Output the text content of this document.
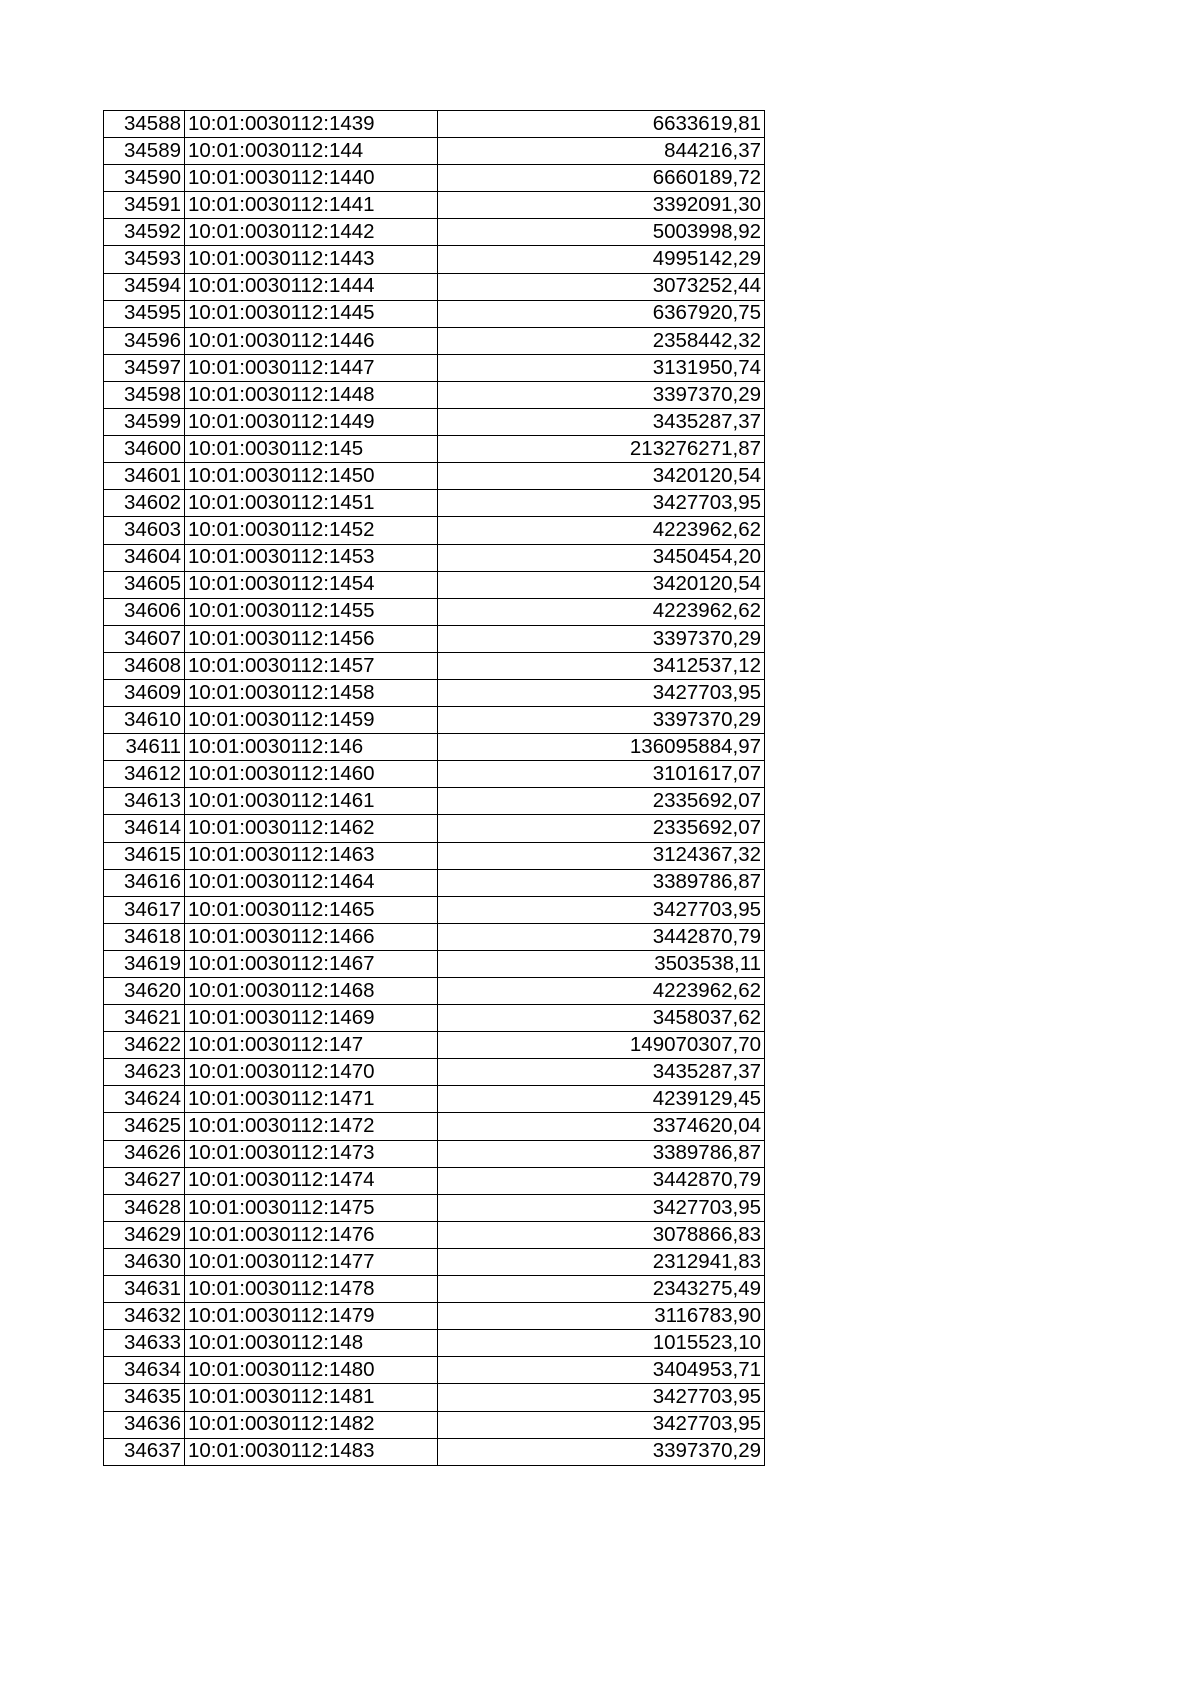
34588	10:01:0030112:1439	6633619,81
34589	10:01:0030112:144	844216,37
34590	10:01:0030112:1440	6660189,72
34591	10:01:0030112:1441	3392091,30
34592	10:01:0030112:1442	5003998,92
34593	10:01:0030112:1443	4995142,29
34594	10:01:0030112:1444	3073252,44
34595	10:01:0030112:1445	6367920,75
34596	10:01:0030112:1446	2358442,32
34597	10:01:0030112:1447	3131950,74
34598	10:01:0030112:1448	3397370,29
34599	10:01:0030112:1449	3435287,37
34600	10:01:0030112:145	213276271,87
34601	10:01:0030112:1450	3420120,54
34602	10:01:0030112:1451	3427703,95
34603	10:01:0030112:1452	4223962,62
34604	10:01:0030112:1453	3450454,20
34605	10:01:0030112:1454	3420120,54
34606	10:01:0030112:1455	4223962,62
34607	10:01:0030112:1456	3397370,29
34608	10:01:0030112:1457	3412537,12
34609	10:01:0030112:1458	3427703,95
34610	10:01:0030112:1459	3397370,29
34611	10:01:0030112:146	136095884,97
34612	10:01:0030112:1460	3101617,07
34613	10:01:0030112:1461	2335692,07
34614	10:01:0030112:1462	2335692,07
34615	10:01:0030112:1463	3124367,32
34616	10:01:0030112:1464	3389786,87
34617	10:01:0030112:1465	3427703,95
34618	10:01:0030112:1466	3442870,79
34619	10:01:0030112:1467	3503538,11
34620	10:01:0030112:1468	4223962,62
34621	10:01:0030112:1469	3458037,62
34622	10:01:0030112:147	149070307,70
34623	10:01:0030112:1470	3435287,37
34624	10:01:0030112:1471	4239129,45
34625	10:01:0030112:1472	3374620,04
34626	10:01:0030112:1473	3389786,87
34627	10:01:0030112:1474	3442870,79
34628	10:01:0030112:1475	3427703,95
34629	10:01:0030112:1476	3078866,83
34630	10:01:0030112:1477	2312941,83
34631	10:01:0030112:1478	2343275,49
34632	10:01:0030112:1479	3116783,90
34633	10:01:0030112:148	1015523,10
34634	10:01:0030112:1480	3404953,71
34635	10:01:0030112:1481	3427703,95
34636	10:01:0030112:1482	3427703,95
34637	10:01:0030112:1483	3397370,29
